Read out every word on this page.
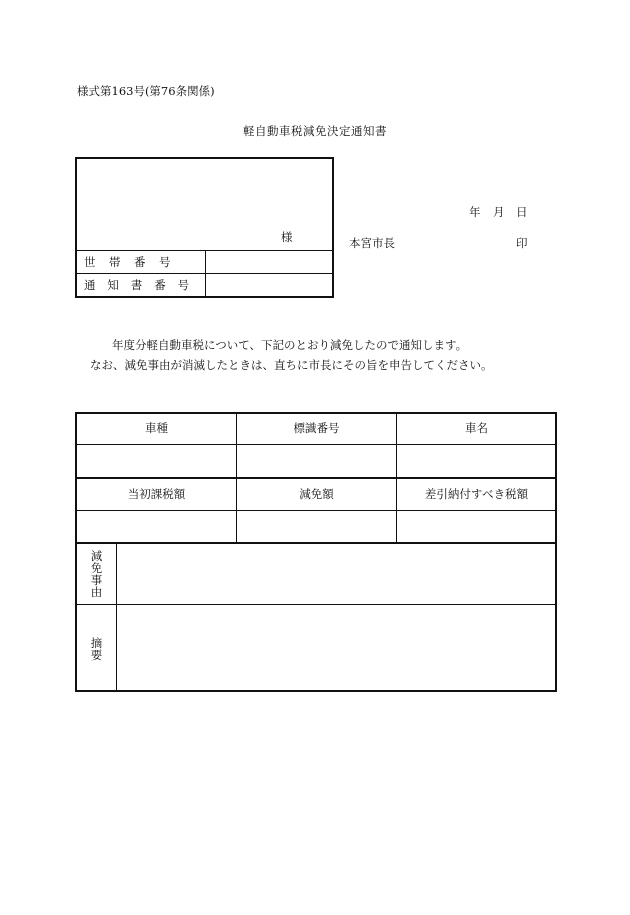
様式第163号(第76条関係)
軽自動車税減免決定通知書
様
世　帯　番　号
通　知　書　番　号
年 月 日
本宮市長	印
年度分軽自動車税について、下記のとおり減免したので通知します。
なお、減免事由が消滅したときは、直ちに市長にその旨を申告してください。
車種	標識番号	車名
当初課税額	減免額	差引納付すべき税額
減
免
事
由
摘
要
